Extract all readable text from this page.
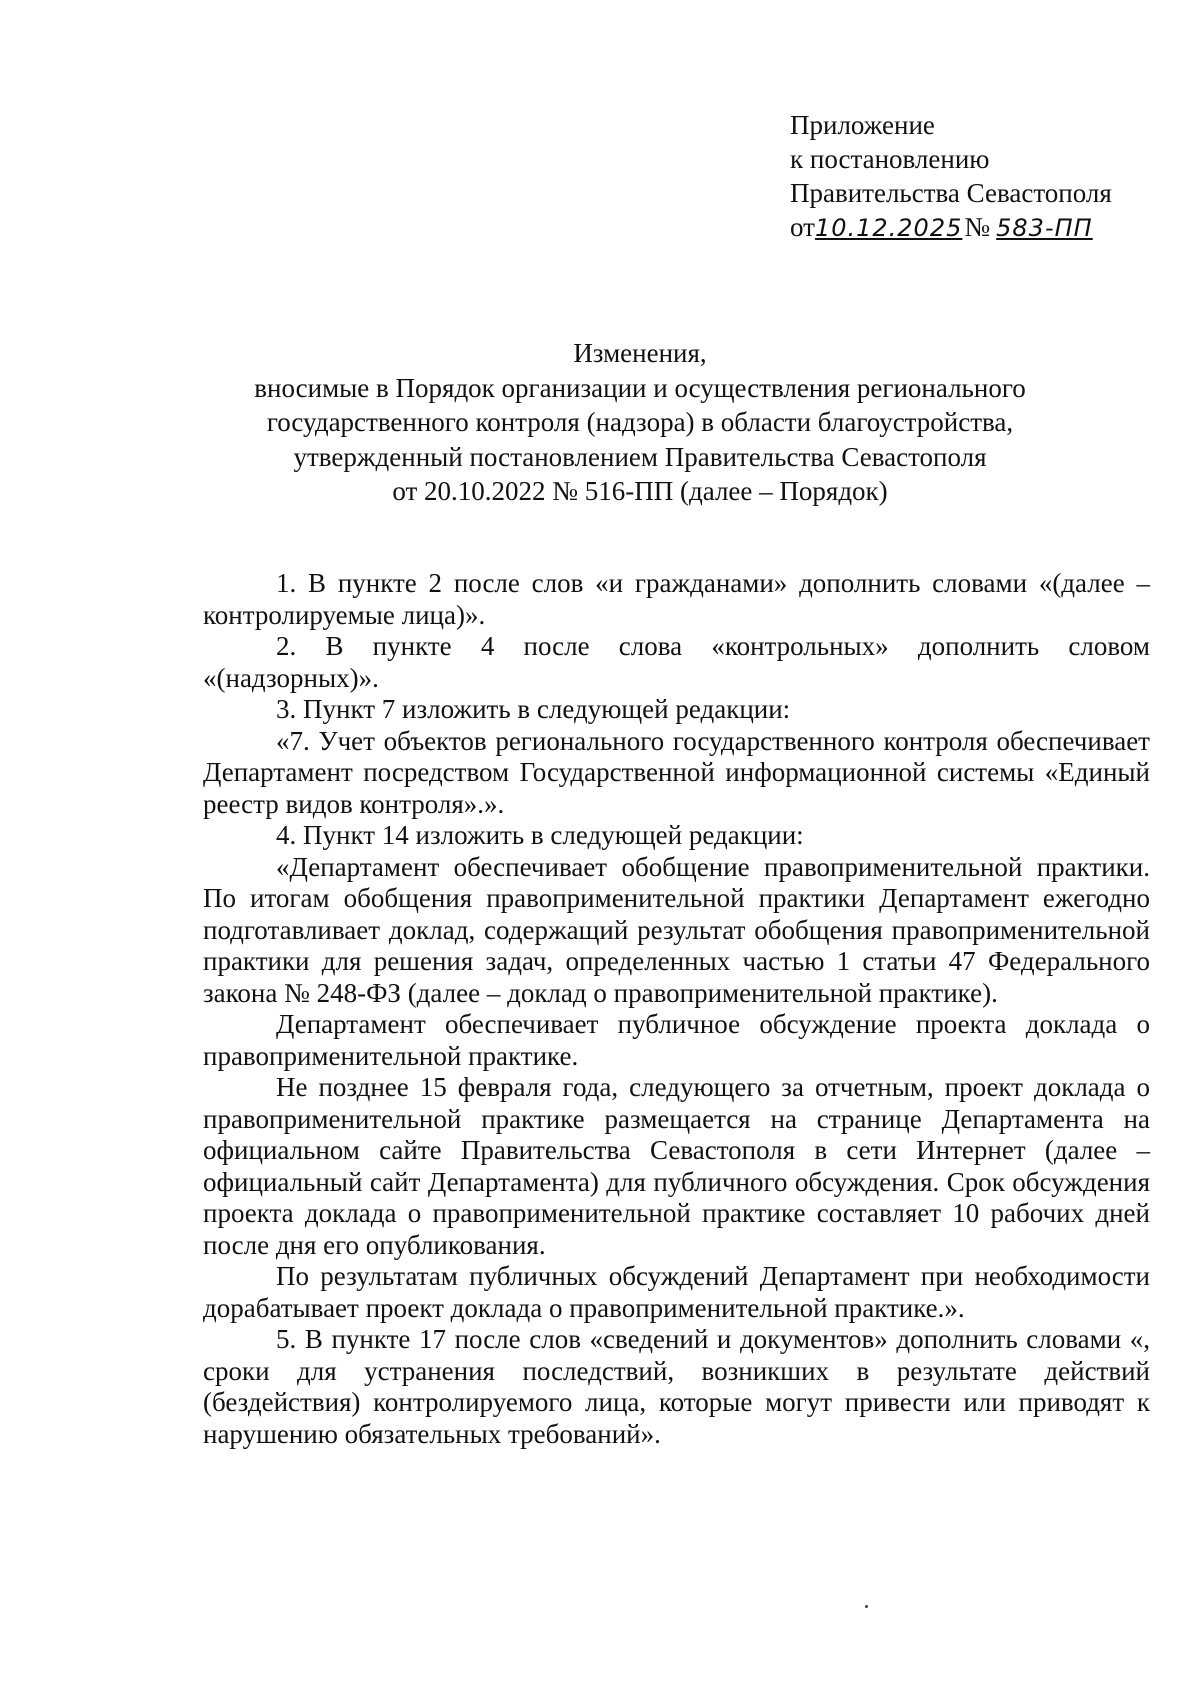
Приложение
к постановлению
Правительства Севастополя
от10.12.2025№ 583-ПП
Изменения,
вносимые в Порядок организации и осуществления регионального
государственного контроля (надзора) в области благоустройства,
утвержденный постановлением Правительства Севастополя
от 20.10.2022 № 516-ПП (далее – Порядок)

1. В пункте 2 после слов «и гражданами» дополнить словами «(далее – контролируемые лица)».

2. В пункте 4 после слова «контрольных» дополнить словом «(надзорных)».

3. Пункт 7 изложить в следующей редакции:

«7. Учет объектов регионального государственного контроля обеспечивает Департамент посредством Государственной информационной системы «Единый реестр видов контроля».».

4. Пункт 14 изложить в следующей редакции:

«Департамент обеспечивает обобщение правоприменительной практики. По итогам обобщения правоприменительной практики Департамент ежегодно подготавливает доклад, содержащий результат обобщения правоприменительной практики для решения задач, определенных частью 1 статьи 47 Федерального закона № 248-ФЗ (далее – доклад о правоприменительной практике).

Департамент обеспечивает публичное обсуждение проекта доклада о правоприменительной практике.

Не позднее 15 февраля года, следующего за отчетным, проект доклада о правоприменительной практике размещается на странице Департамента на официальном сайте Правительства Севастополя в сети Интернет (далее – официальный сайт Департамента) для публичного обсуждения. Срок обсуждения проекта доклада о правоприменительной практике составляет 10 рабочих дней после дня его опубликования.

По результатам публичных обсуждений Департамент при необходимости дорабатывает проект доклада о правоприменительной практике.».

5. В пункте 17 после слов «сведений и документов» дополнить словами «, сроки для устранения последствий, возникших в результате действий (бездействия) контролируемого лица, которые могут привести или приводят к нарушению обязательных требований».
